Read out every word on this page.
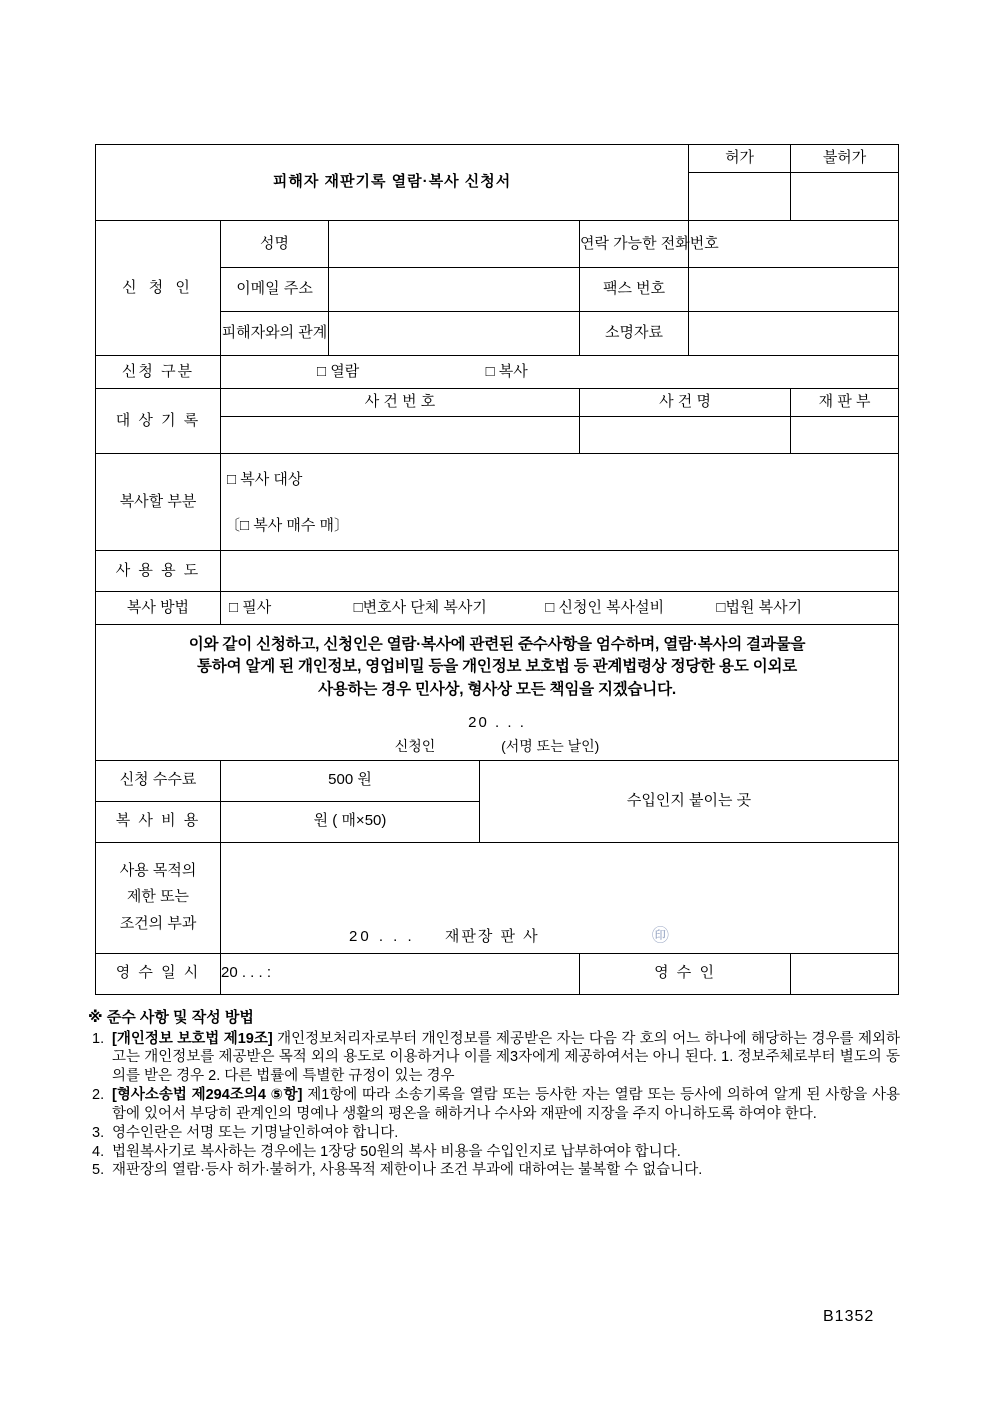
피해자 재판기록 열람·복사 신청서					허가	불허가

신 청 인	성명			연락 가능한 전화번호		
	이메일 주소			팩스 번호		
	피해자와의 관계			소명자료		
신청 구분	□ 열람 □ 복사					
대 상 기 록	사 건 번 호			사 건 명		재 판 부

복사할 부분	□ 복사 대상
〔□ 복사 매수 매〕					

사 용 용 도						
복사 방법	□ 필사 □변호사 단체 복사기 □ 신청인 복사설비 □법원 복사기					

이와 같이 신청하고, 신청인은 열람·복사에 관련된 준수사항을 엄수하며, 열람·복사의 결과물을

통하여 알게 된 개인정보, 영업비밀 등을 개인정보 보호법 등 관계법령상 정당한 용도 이외로

사용하는 경우 민사상, 형사상 모든 책임을 지겠습니다.

20 . . .
신청인 (서명 또는 날인)						

신청 수수료	500 원		수입인지 붙이는 곳			
복 사 비 용	원 ( 매×50)					

사용 목적의
제한 또는
조건의 부과	20 . . . 재판장 판 사 ㊞					

영 수 일 시	20 . . . :			영 수 인		
※ 준수 사항 및 작성 방법
1. [개인정보 보호법 제19조] 개인정보처리자로부터 개인정보를 제공받은 자는 다음 각 호의 어느 하나에 해당하는 경우를 제외하고는 개인정보를 제공받은 목적 외의 용도로 이용하거나 이를 제3자에게 제공하여서는 아니 된다. 1. 정보주체로부터 별도의 동의를 받은 경우 2. 다른 법률에 특별한 규정이 있는 경우
2. [형사소송법 제294조의4 ⑤항] 제1항에 따라 소송기록을 열람 또는 등사한 자는 열람 또는 등사에 의하여 알게 된 사항을 사용함에 있어서 부당히 관계인의 명예나 생활의 평온을 해하거나 수사와 재판에 지장을 주지 아니하도록 하여야 한다.
3. 영수인란은 서명 또는 기명날인하여야 합니다.
4. 법원복사기로 복사하는 경우에는 1장당 50원의 복사 비용을 수입인지로 납부하여야 합니다.
5. 재판장의 열람·등사 허가·불허가, 사용목적 제한이나 조건 부과에 대하여는 불복할 수 없습니다.
B1352
